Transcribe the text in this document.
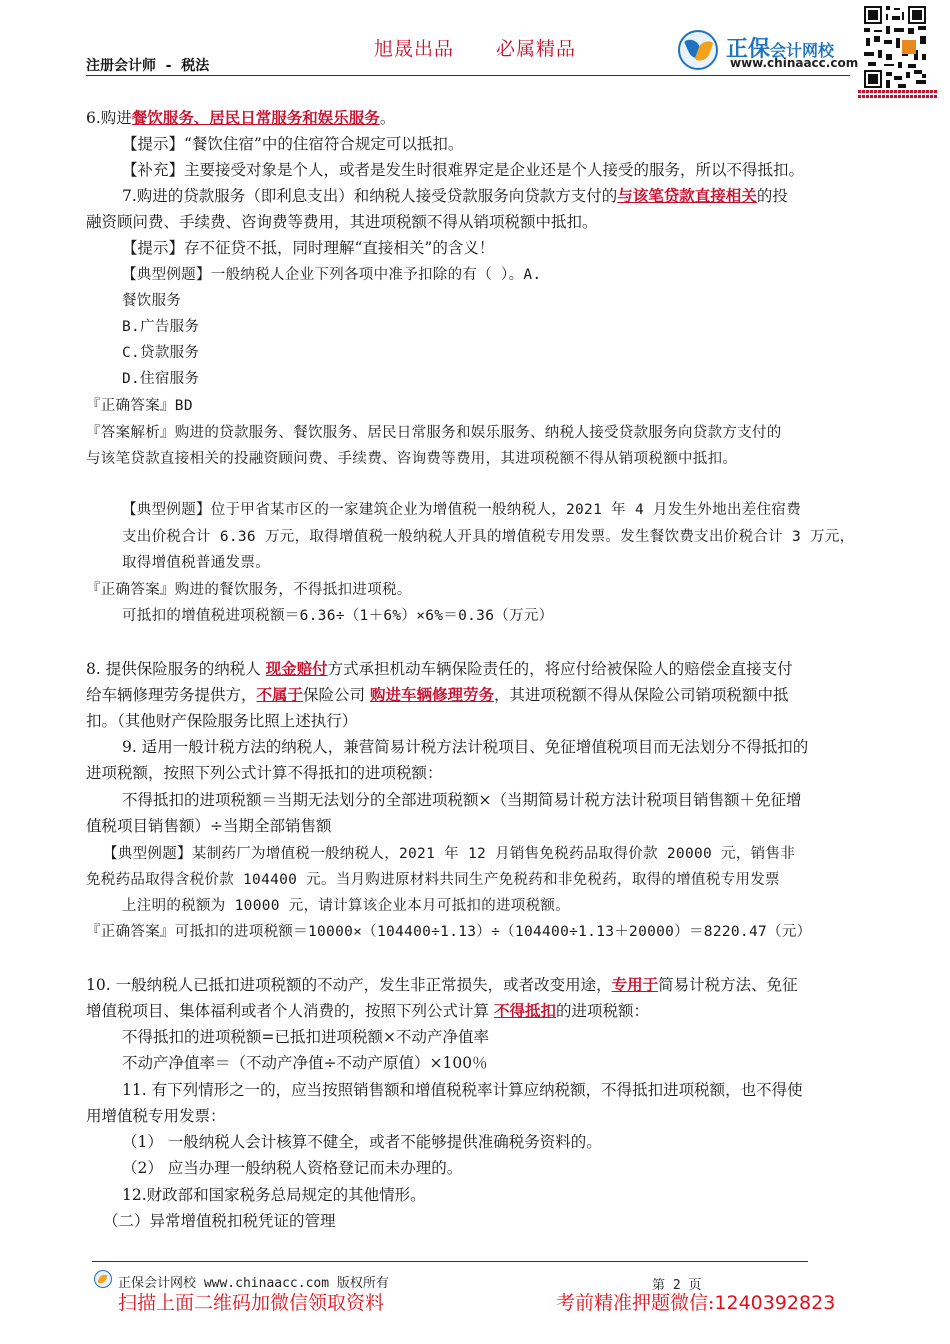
旭晟出品 必属精品
注册会计师 - 税法
正保会计网校
www.chinaacc.com
6.购进餐饮服务、居民日常服务和娱乐服务。
【提示】“餐饮住宿”中的住宿符合规定可以抵扣。
【补充】主要接受对象是个人，或者是发生时很难界定是企业还是个人接受的服务，所以不得抵扣。
7.购进的贷款服务（即利息支出）和纳税人接受贷款服务向贷款方支付的与该笔贷款直接相关的投
融资顾问费、手续费、咨询费等费用，其进项税额不得从销项税额中抵扣。
【提示】存不征贷不抵，同时理解“直接相关”的含义！
【典型例题】一般纳税人企业下列各项中准予扣除的有（ ）。A.
餐饮服务
B.广告服务
C.贷款服务
D.住宿服务
『正确答案』BD
『答案解析』购进的贷款服务、餐饮服务、居民日常服务和娱乐服务、纳税人接受贷款服务向贷款方支付的
与该笔贷款直接相关的投融资顾问费、手续费、咨询费等费用，其进项税额不得从销项税额中抵扣。
【典型例题】位于甲省某市区的一家建筑企业为增值税一般纳税人，2021 年 4 月发生外地出差住宿费
支出价税合计 6.36 万元，取得增值税一般纳税人开具的增值税专用发票。发生餐饮费支出价税合计 3 万元，
取得增值税普通发票。
『正确答案』购进的餐饮服务，不得抵扣进项税。
可抵扣的增值税进项税额＝6.36÷（1＋6%）×6%＝0.36（万元）
8. 提供保险服务的纳税人 现金赔付方式承担机动车辆保险责任的，将应付给被保险人的赔偿金直接支付
给车辆修理劳务提供方，不属于保险公司 购进车辆修理劳务，其进项税额不得从保险公司销项税额中抵
扣。（其他财产保险服务比照上述执行）
9. 适用一般计税方法的纳税人，兼营简易计税方法计税项目、免征增值税项目而无法划分不得抵扣的
进项税额，按照下列公式计算不得抵扣的进项税额：
不得抵扣的进项税额＝当期无法划分的全部进项税额×（当期简易计税方法计税项目销售额＋免征增
值税项目销售额）÷当期全部销售额
【典型例题】某制药厂为增值税一般纳税人，2021 年 12 月销售免税药品取得价款 20000 元，销售非
免税药品取得含税价款 104400 元。当月购进原材料共同生产免税药和非免税药，取得的增值税专用发票
上注明的税额为 10000 元，请计算该企业本月可抵扣的进项税额。
『正确答案』可抵扣的进项税额＝10000×（104400÷1.13）÷（104400÷1.13＋20000）＝8220.47（元）
10. 一般纳税人已抵扣进项税额的不动产，发生非正常损失，或者改变用途，专用于简易计税方法、免征
增值税项目、集体福利或者个人消费的，按照下列公式计算 不得抵扣的进项税额：
不得抵扣的进项税额=已抵扣进项税额×不动产净值率
不动产净值率＝（不动产净值÷不动产原值）×100％
11. 有下列情形之一的，应当按照销售额和增值税税率计算应纳税额，不得抵扣进项税额，也不得使
用增值税专用发票：
（1） 一般纳税人会计核算不健全，或者不能够提供准确税务资料的。
（2） 应当办理一般纳税人资格登记而未办理的。
12.财政部和国家税务总局规定的其他情形。
（二）异常增值税扣税凭证的管理
正保会计网校 www.chinaacc.com 版权所有	第 2 页
扫描上面二维码加微信领取资料	考前精准押题微信:1240392823
